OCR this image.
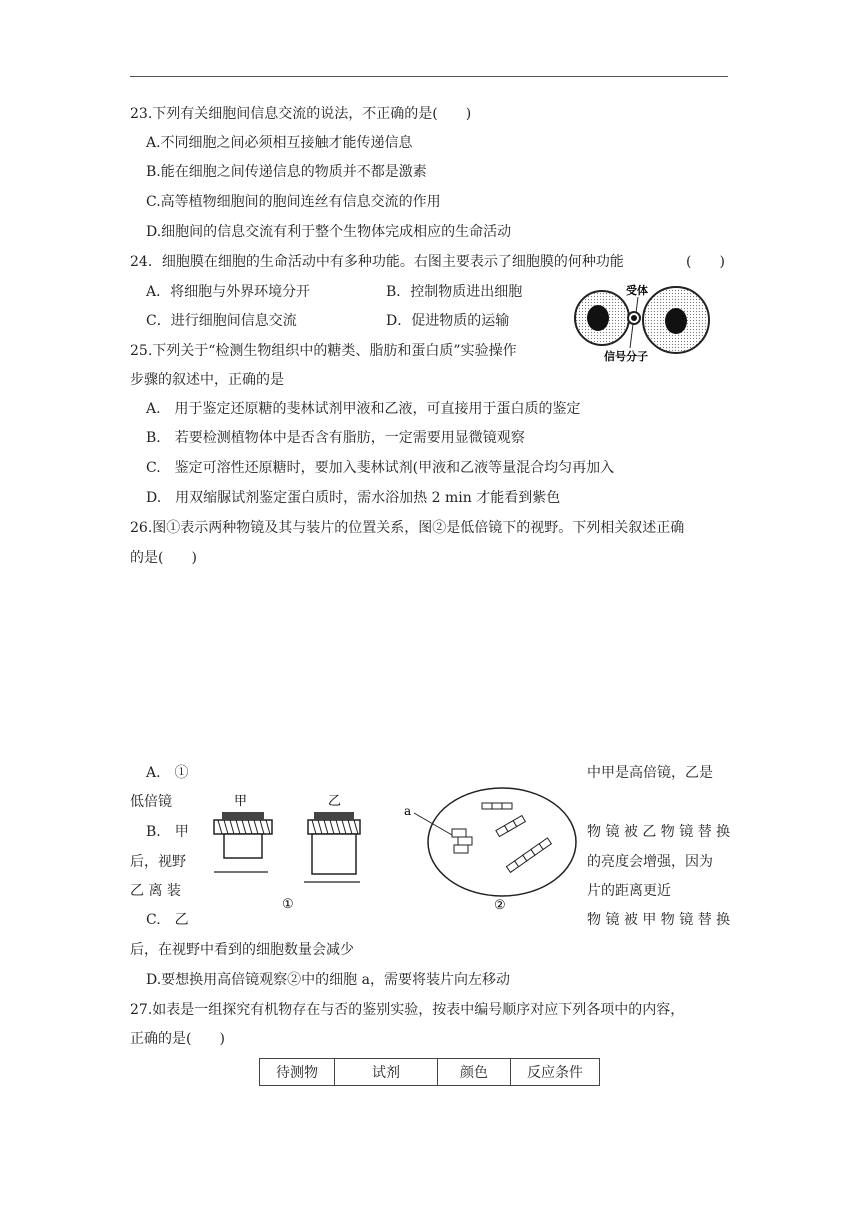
23.下列有关细胞间信息交流的说法，不正确的是(　　)
A.不同细胞之间必须相互接触才能传递信息
B.能在细胞之间传递信息的物质并不都是激素
C.高等植物细胞间的胞间连丝有信息交流的作用
D.细胞间的信息交流有利于整个生物体完成相应的生命活动
24．细胞膜在细胞的生命活动中有多种功能。右图主要表示了细胞膜的何种功能	(　　)
A．将细胞与外界环境分开	B．控制物质进出细胞
C．进行细胞间信息交流	D．促进物质的运输
受体
信号分子
25.下列关于“检测生物组织中的糖类、脂肪和蛋白质”实验操作
步骤的叙述中，正确的是
A.　用于鉴定还原糖的斐林试剂甲液和乙液，可直接用于蛋白质的鉴定
B.　若要检测植物体中是否含有脂肪，一定需要用显微镜观察
C.　鉴定可溶性还原糖时，要加入斐林试剂(甲液和乙液等量混合均匀再加入
D.　用双缩脲试剂鉴定蛋白质时，需水浴加热 2 min 才能看到紫色
26.图①表示两种物镜及其与装片的位置关系，图②是低倍镜下的视野。下列相关叙述正确
的是(　　)
A.　①	中甲是高倍镜，乙是
低倍镜
B.　甲	物 镜 被 乙 物 镜 替 换
后，视野	的亮度会增强，因为
乙 离 装	片的距离更近
C.　乙	物 镜 被 甲 物 镜 替 换
后，在视野中看到的细胞数量会减少
D.要想换用高倍镜观察②中的细胞 a，需要将装片向左移动
甲	乙
①
a
②
27.如表是一组探究有机物存在与否的鉴别实验，按表中编号顺序对应下列各项中的内容，
正确的是(　　)
待测物	试剂	颜色	反应条件
